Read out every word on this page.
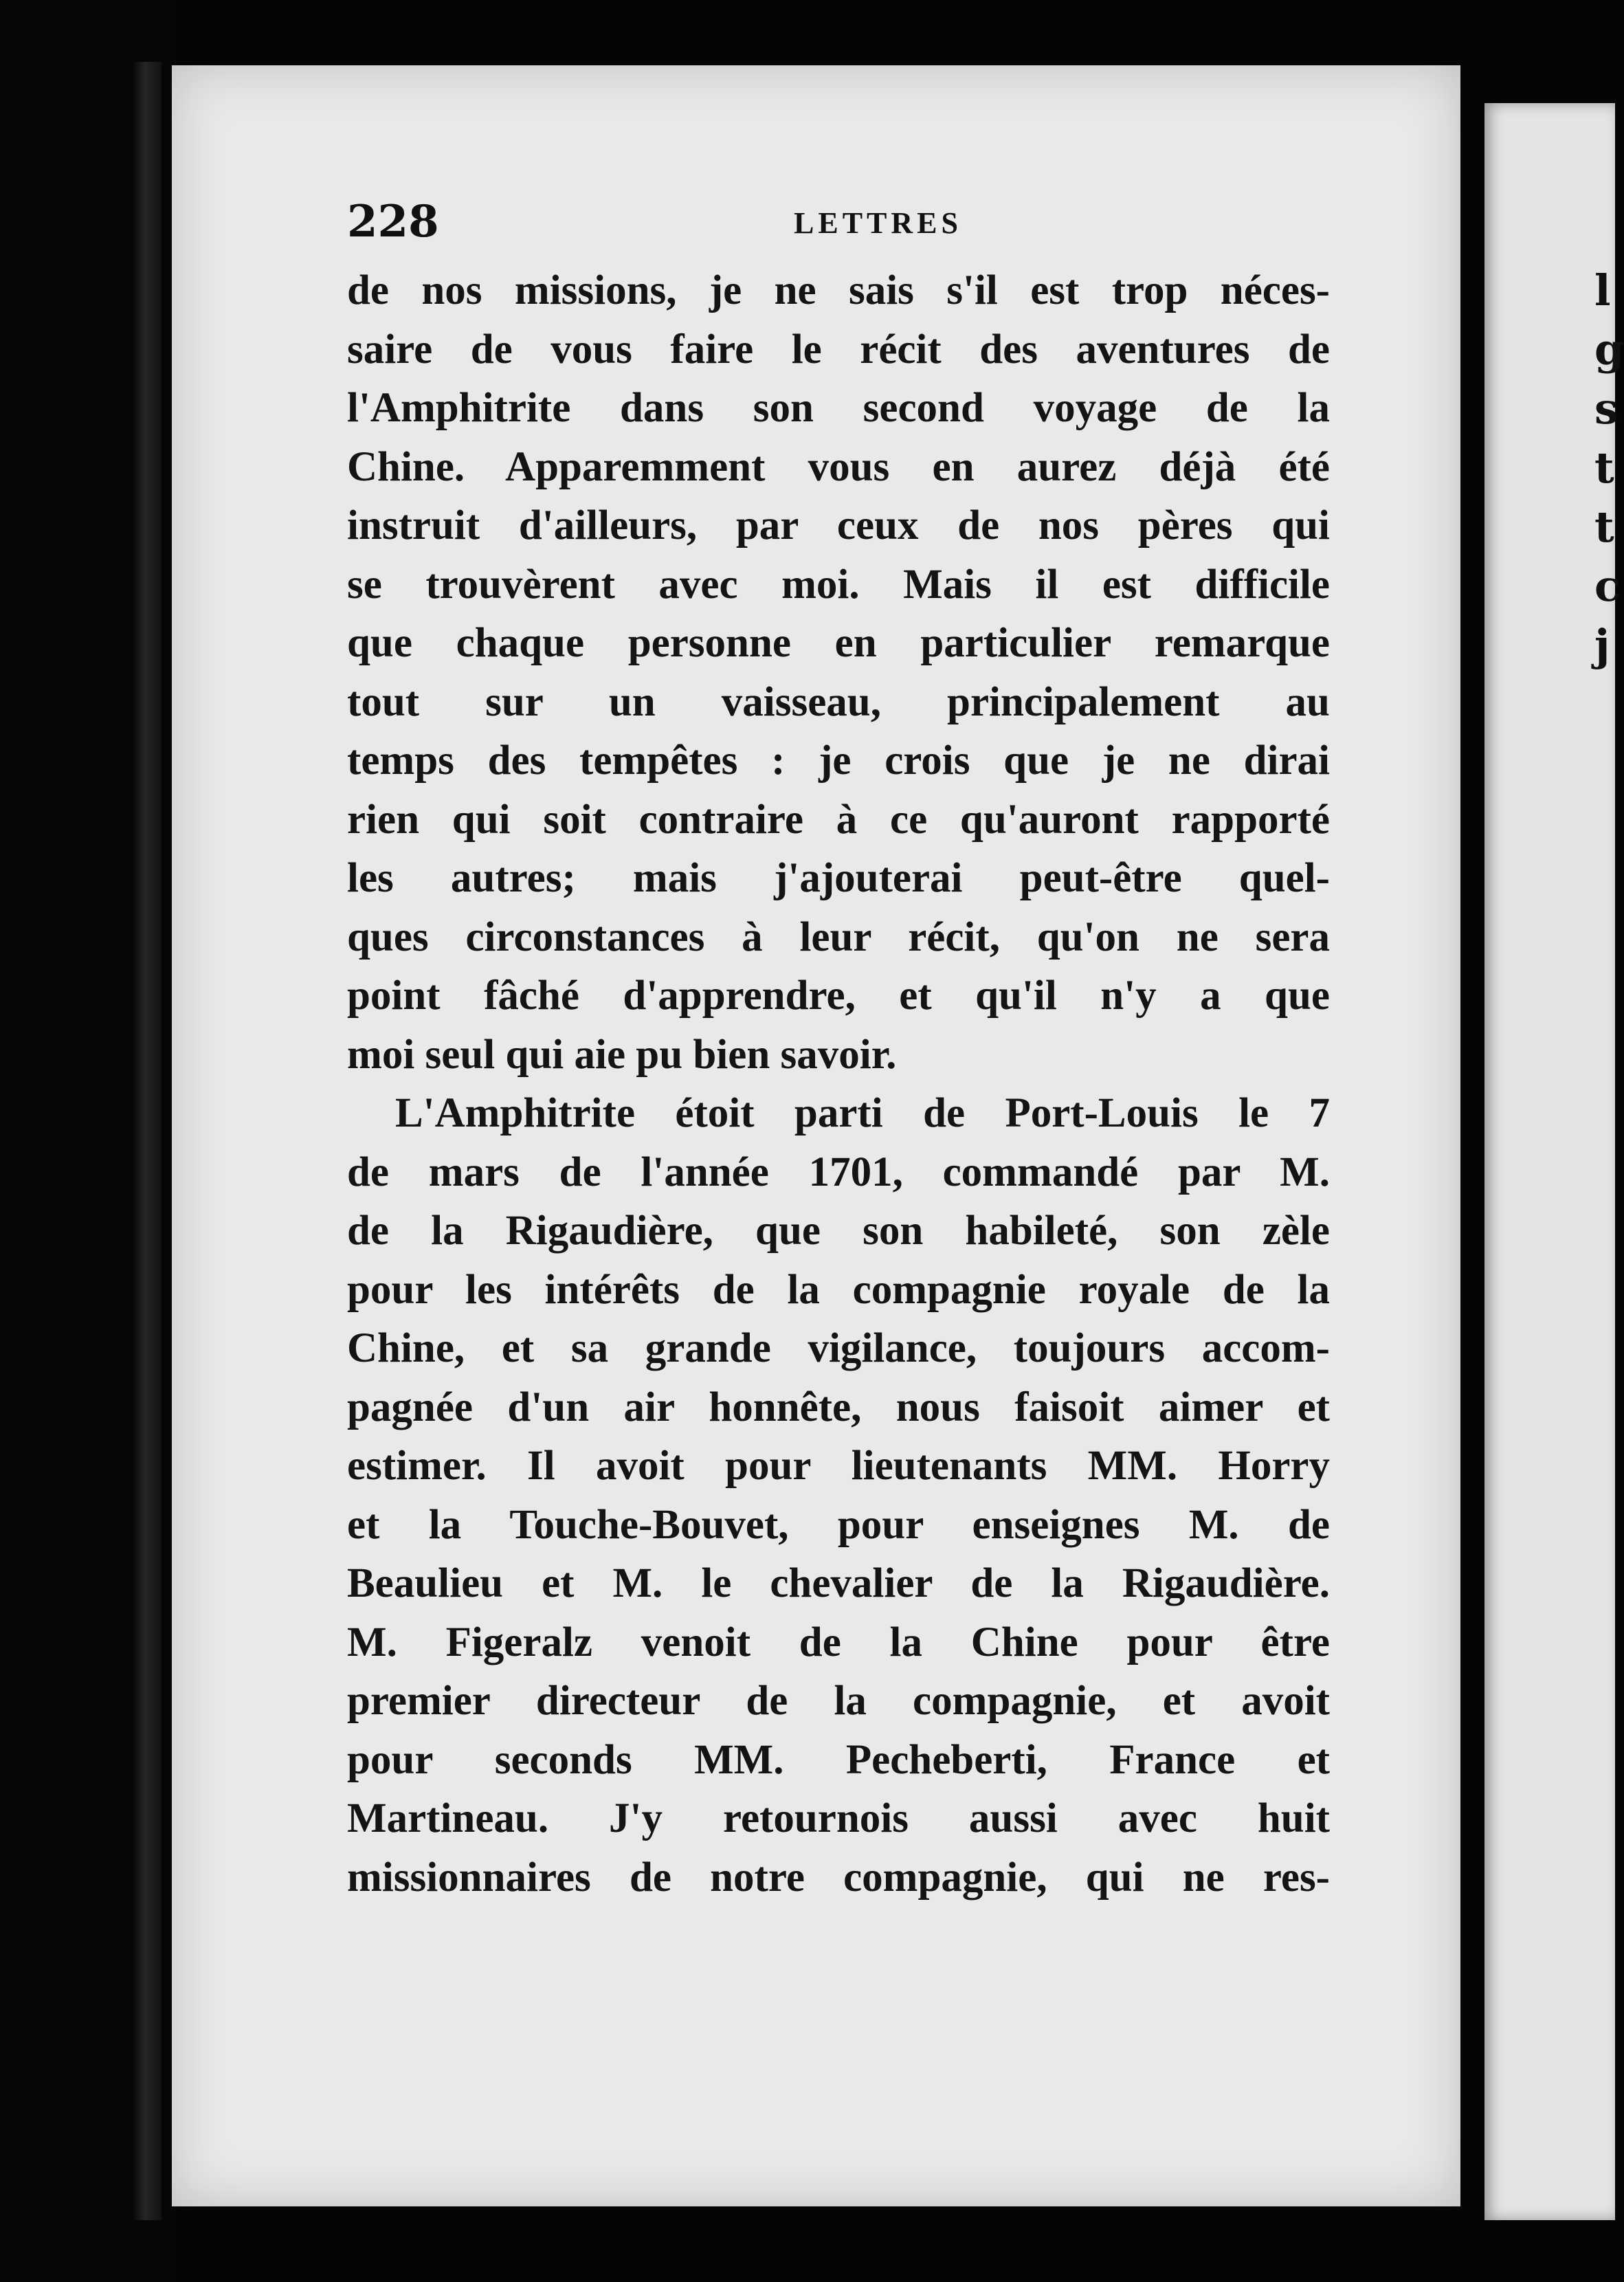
l
g
s
t
t
c
j
228	LETTRES
de nos missions, je ne sais s'il est trop néces-
saire de vous faire le récit des aventures de
l'Amphitrite dans son second voyage de la
Chine. Apparemment vous en aurez déjà été
instruit d'ailleurs, par ceux de nos pères qui
se trouvèrent avec moi. Mais il est difficile
que chaque personne en particulier remarque
tout sur un vaisseau, principalement au
temps des tempêtes : je crois que je ne dirai
rien qui soit contraire à ce qu'auront rapporté
les autres; mais j'ajouterai peut-être quel-
ques circonstances à leur récit, qu'on ne sera
point fâché d'apprendre, et qu'il n'y a que
moi seul qui aie pu bien savoir.
L'Amphitrite étoit parti de Port-Louis le 7
de mars de l'année 1701, commandé par M.
de la Rigaudière, que son habileté, son zèle
pour les intérêts de la compagnie royale de la
Chine, et sa grande vigilance, toujours accom-
pagnée d'un air honnête, nous faisoit aimer et
estimer. Il avoit pour lieutenants MM. Horry
et la Touche-Bouvet, pour enseignes M. de
Beaulieu et M. le chevalier de la Rigaudière.
M. Figeralz venoit de la Chine pour être
premier directeur de la compagnie, et avoit
pour seconds MM. Pecheberti, France et
Martineau. J'y retournois aussi avec huit
missionnaires de notre compagnie, qui ne res-
